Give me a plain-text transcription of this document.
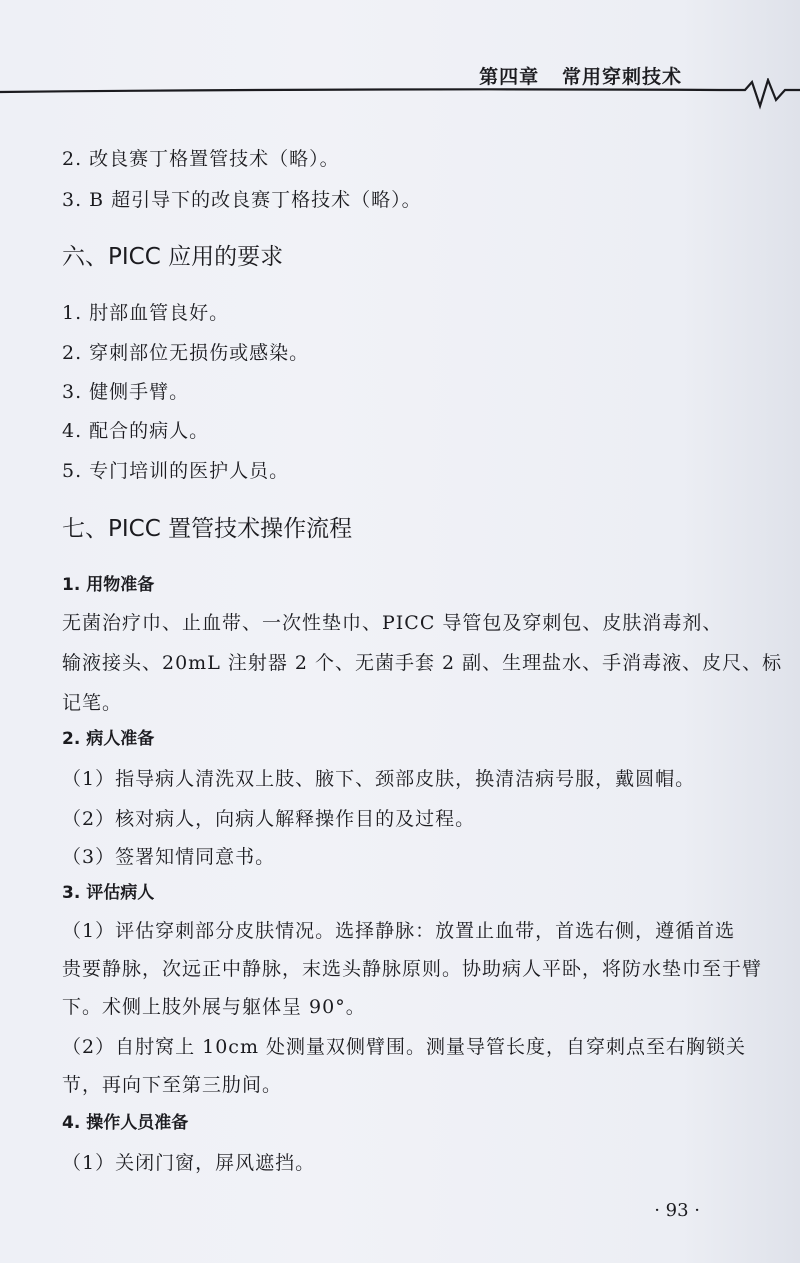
第四章   常用穿刺技术
2. 改良赛丁格置管技术（略）。
3. B 超引导下的改良赛丁格技术（略）。
六、PICC 应用的要求
1. 肘部血管良好。
2. 穿刺部位无损伤或感染。
3. 健侧手臂。
4. 配合的病人。
5. 专门培训的医护人员。
七、PICC 置管技术操作流程
1. 用物准备
无菌治疗巾、止血带、一次性垫巾、PICC 导管包及穿刺包、皮肤消毒剂、
输液接头、20mL 注射器 2 个、无菌手套 2 副、生理盐水、手消毒液、皮尺、标
记笔。
2. 病人准备
（1）指导病人清洗双上肢、腋下、颈部皮肤，换清洁病号服，戴圆帽。
（2）核对病人，向病人解释操作目的及过程。
（3）签署知情同意书。
3. 评估病人
（1）评估穿刺部分皮肤情况。选择静脉：放置止血带，首选右侧，遵循首选
贵要静脉，次远正中静脉，末选头静脉原则。协助病人平卧，将防水垫巾至于臂
下。术侧上肢外展与躯体呈 90°。
（2）自肘窝上 10cm 处测量双侧臂围。测量导管长度，自穿刺点至右胸锁关
节，再向下至第三肋间。
4. 操作人员准备
（1）关闭门窗，屏风遮挡。
· 93 ·
